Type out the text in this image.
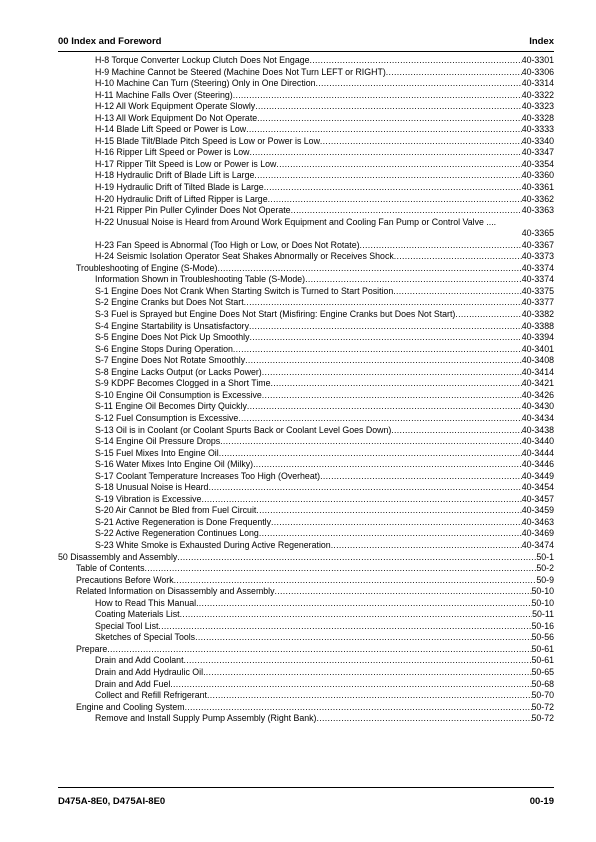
00 Index and Foreword	Index
H-8 Torque Converter Lockup Clutch Does Not Engage .....	40-3301
H-9 Machine Cannot be Steered (Machine Does Not Turn LEFT or RIGHT) .....	40-3306
H-10 Machine Can Turn (Steering) Only in One Direction .....	40-3314
H-11 Machine Falls Over (Steering) .....	40-3322
H-12 All Work Equipment Operate Slowly .....	40-3323
H-13 All Work Equipment Do Not Operate .....	40-3328
H-14 Blade Lift Speed or Power is Low .....	40-3333
H-15 Blade Tilt/Blade Pitch Speed is Low or Power is Low .....	40-3340
H-16 Ripper Lift Speed or Power is Low .....	40-3347
H-17 Ripper Tilt Speed is Low or Power is Low .....	40-3354
H-18 Hydraulic Drift of Blade Lift is Large .....	40-3360
H-19 Hydraulic Drift of Tilted Blade is Large .....	40-3361
H-20 Hydraulic Drift of Lifted Ripper is Large .....	40-3362
H-21 Ripper Pin Puller Cylinder Does Not Operate .....	40-3363
H-22 Unusual Noise is Heard from Around Work Equipment and Cooling Fan Pump or Control Valve ....
40-3365
H-23 Fan Speed is Abnormal (Too High or Low, or Does Not Rotate) .....	40-3367
H-24 Seismic Isolation Operator Seat Shakes Abnormally or Receives Shock .....	40-3373
Troubleshooting of Engine (S-Mode) .....	40-3374
Information Shown in Troubleshooting Table (S-Mode) .....	40-3374
S-1 Engine Does Not Crank When Starting Switch is Turned to Start Position .....	40-3375
S-2 Engine Cranks but Does Not Start .....	40-3377
S-3 Fuel is Sprayed but Engine Does Not Start (Misfiring: Engine Cranks but Does Not Start) .....	40-3382
S-4 Engine Startability is Unsatisfactory .....	40-3388
S-5 Engine Does Not Pick Up Smoothly .....	40-3394
S-6 Engine Stops During Operation .....	40-3401
S-7 Engine Does Not Rotate Smoothly .....	40-3408
S-8 Engine Lacks Output (or Lacks Power) .....	40-3414
S-9 KDPF Becomes Clogged in a Short Time .....	40-3421
S-10 Engine Oil Consumption is Excessive .....	40-3426
S-11 Engine Oil Becomes Dirty Quickly .....	40-3430
S-12 Fuel Consumption is Excessive .....	40-3434
S-13 Oil is in Coolant (or Coolant Spurts Back or Coolant Level Goes Down) .....	40-3438
S-14 Engine Oil Pressure Drops .....	40-3440
S-15 Fuel Mixes Into Engine Oil .....	40-3444
S-16 Water Mixes Into Engine Oil (Milky) .....	40-3446
S-17 Coolant Temperature Increases Too High (Overheat) .....	40-3449
S-18 Unusual Noise is Heard .....	40-3454
S-19 Vibration is Excessive .....	40-3457
S-20 Air Cannot be Bled from Fuel Circuit .....	40-3459
S-21 Active Regeneration is Done Frequently .....	40-3463
S-22 Active Regeneration Continues Long .....	40-3469
S-23 White Smoke is Exhausted During Active Regeneration .....	40-3474
50 Disassembly and Assembly .....	50-1
Table of Contents .....	50-2
Precautions Before Work .....	50-9
Related Information on Disassembly and Assembly .....	50-10
How to Read This Manual .....	50-10
Coating Materials List .....	50-11
Special Tool List .....	50-16
Sketches of Special Tools .....	50-56
Prepare .....	50-61
Drain and Add Coolant .....	50-61
Drain and Add Hydraulic Oil .....	50-65
Drain and Add Fuel .....	50-68
Collect and Refill Refrigerant .....	50-70
Engine and Cooling System .....	50-72
Remove and Install Supply Pump Assembly (Right Bank) .....	50-72
D475A-8E0, D475AI-8E0	00-19
